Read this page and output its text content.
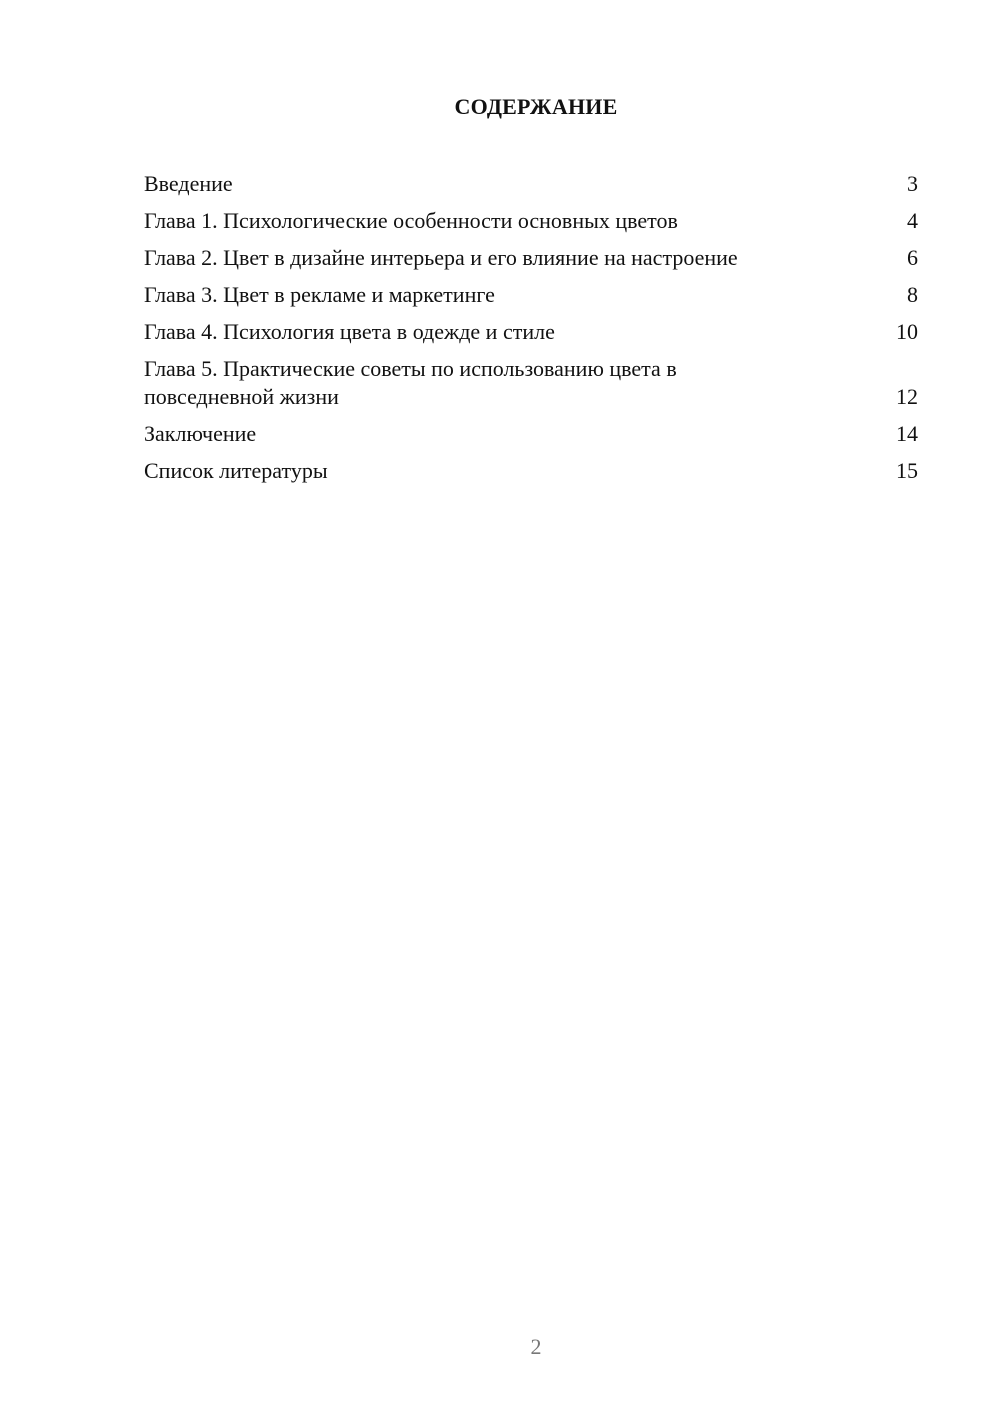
СОДЕРЖАНИЕ
Введение	3
Глава 1. Психологические особенности основных цветов	4
Глава 2. Цвет в дизайне интерьера и его влияние на настроение	6
Глава 3. Цвет в рекламе и маркетинге	8
Глава 4. Психология цвета в одежде и стиле	10
Глава 5. Практические советы по использованию цвета в повседневной жизни	12
Заключение	14
Список литературы	15
2
